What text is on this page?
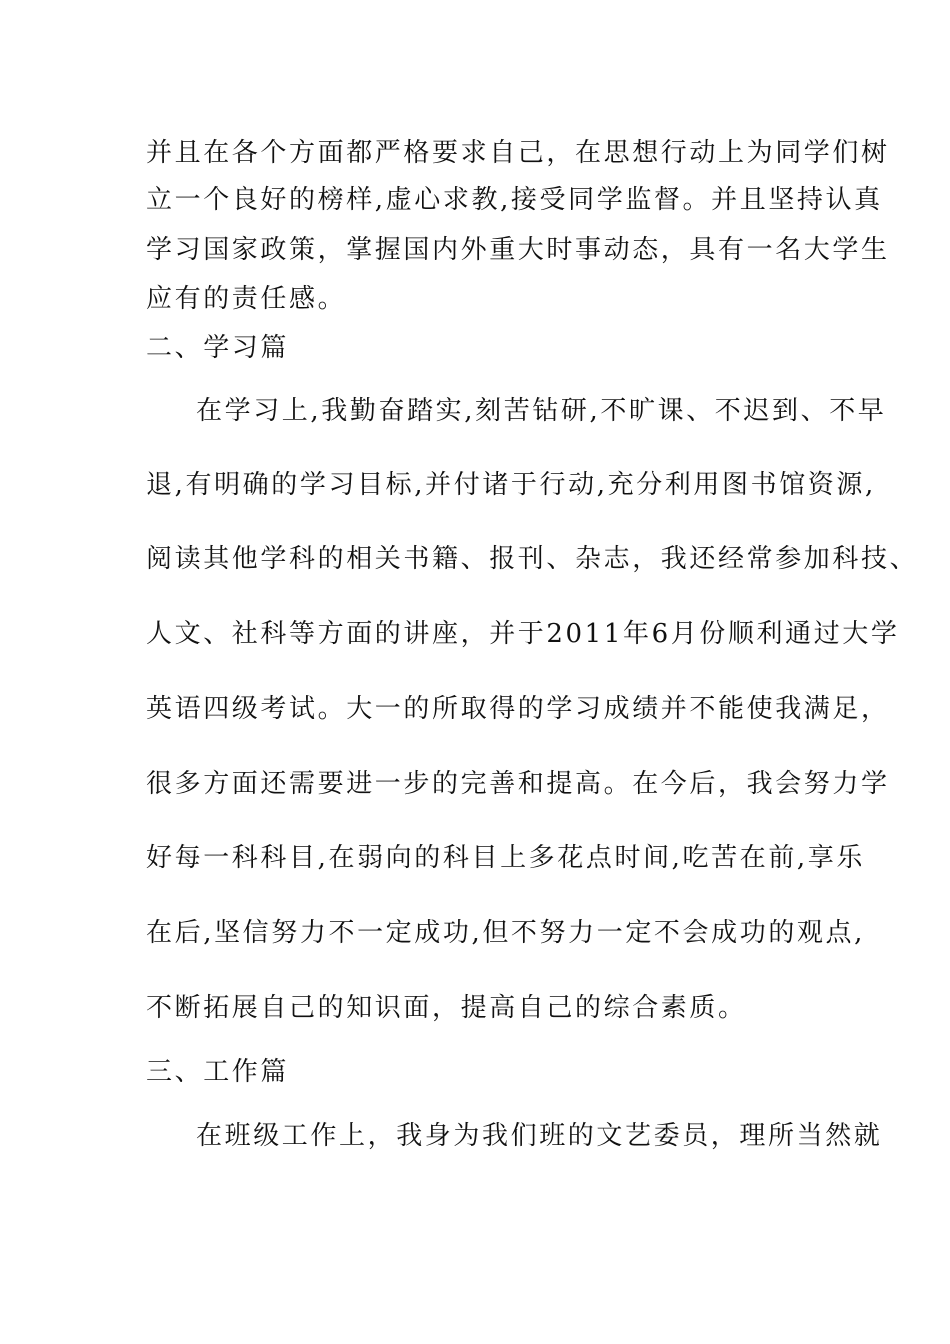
并且在各个方面都严格要求自己，在思想行动上为同学们树
立一个良好的榜样,虚心求教,接受同学监督。并且坚持认真
学习国家政策，掌握国内外重大时事动态，具有一名大学生
应有的责任感。
二、学习篇
在学习上,我勤奋踏实,刻苦钻研,不旷课、不迟到、不早
退,有明确的学习目标,并付诸于行动,充分利用图书馆资源,
阅读其他学科的相关书籍、报刊、杂志，我还经常参加科技、
人文、社科等方面的讲座，并于2011年6月份顺利通过大学
英语四级考试。大一的所取得的学习成绩并不能使我满足，
很多方面还需要进一步的完善和提高。在今后，我会努力学
好每一科科目,在弱向的科目上多花点时间,吃苦在前,享乐
在后,坚信努力不一定成功,但不努力一定不会成功的观点,
不断拓展自己的知识面，提高自己的综合素质。
三、工作篇
在班级工作上，我身为我们班的文艺委员，理所当然就
